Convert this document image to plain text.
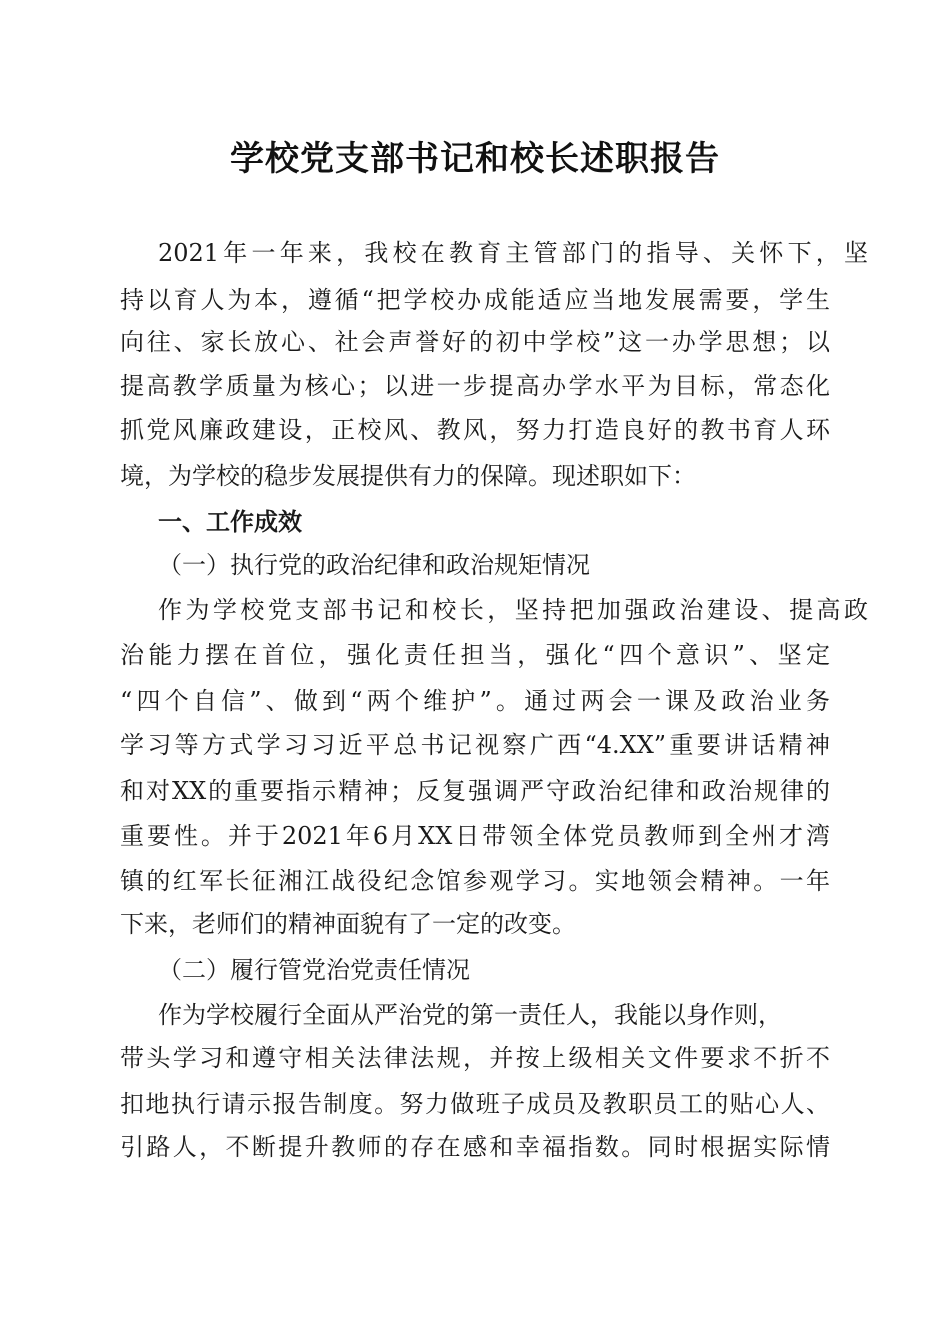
学校党支部书记和校长述职报告
2021年一年来，我校在教育主管部门的指导、关怀下，坚
持以育人为本，遵循“把学校办成能适应当地发展需要，学生
向往、家长放心、社会声誉好的初中学校”这一办学思想；以
提高教学质量为核心；以进一步提高办学水平为目标，常态化
抓党风廉政建设，正校风、教风，努力打造良好的教书育人环
境，为学校的稳步发展提供有力的保障。现述职如下：
一、工作成效
（一）执行党的政治纪律和政治规矩情况
作为学校党支部书记和校长，坚持把加强政治建设、提高政
治能力摆在首位，强化责任担当，强化“四个意识”、坚定
“四个自信”、做到“两个维护”。通过两会一课及政治业务
学习等方式学习习近平总书记视察广西“4.XX”重要讲话精神
和对XX的重要指示精神；反复强调严守政治纪律和政治规律的
重要性。并于2021年6月XX日带领全体党员教师到全州才湾
镇的红军长征湘江战役纪念馆参观学习。实地领会精神。一年
下来，老师们的精神面貌有了一定的改变。
（二）履行管党治党责任情况
作为学校履行全面从严治党的第一责任人，我能以身作则，
带头学习和遵守相关法律法规，并按上级相关文件要求不折不
扣地执行请示报告制度。努力做班子成员及教职员工的贴心人、
引路人，不断提升教师的存在感和幸福指数。同时根据实际情
